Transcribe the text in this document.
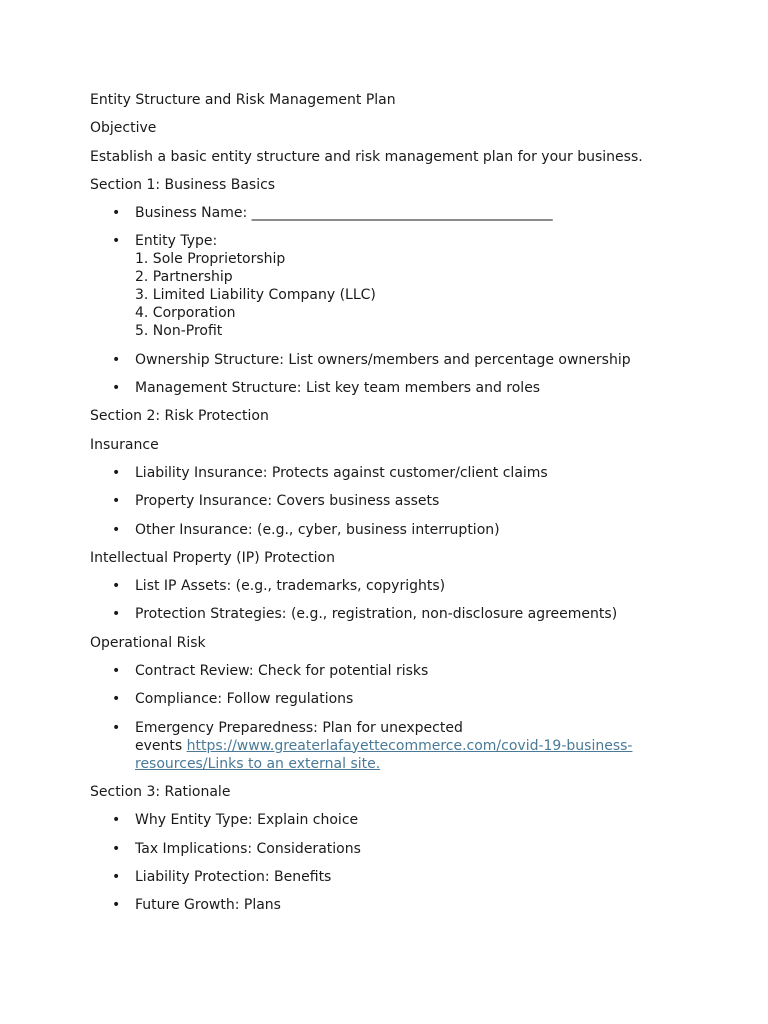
Entity Structure and Risk Management Plan

Objective

Establish a basic entity structure and risk management plan for your business.

Section 1: Business Basics

• Business Name: ___________________________________________
• Entity Type:
1. Sole Proprietorship
2. Partnership
3. Limited Liability Company (LLC)
4. Corporation
5. Non-Profit
• Ownership Structure: List owners/members and percentage ownership
• Management Structure: List key team members and roles

Section 2: Risk Protection

Insurance

• Liability Insurance: Protects against customer/client claims
• Property Insurance: Covers business assets
• Other Insurance: (e.g., cyber, business interruption)

Intellectual Property (IP) Protection

• List IP Assets: (e.g., trademarks, copyrights)
• Protection Strategies: (e.g., registration, non-disclosure agreements)

Operational Risk

• Contract Review: Check for potential risks
• Compliance: Follow regulations
• Emergency Preparedness: Plan for unexpected
events https://www.greaterlafayettecommerce.com/covid-19-business-
resources/Links to an external site.

Section 3: Rationale

• Why Entity Type: Explain choice
• Tax Implications: Considerations
• Liability Protection: Benefits
• Future Growth: Plans
